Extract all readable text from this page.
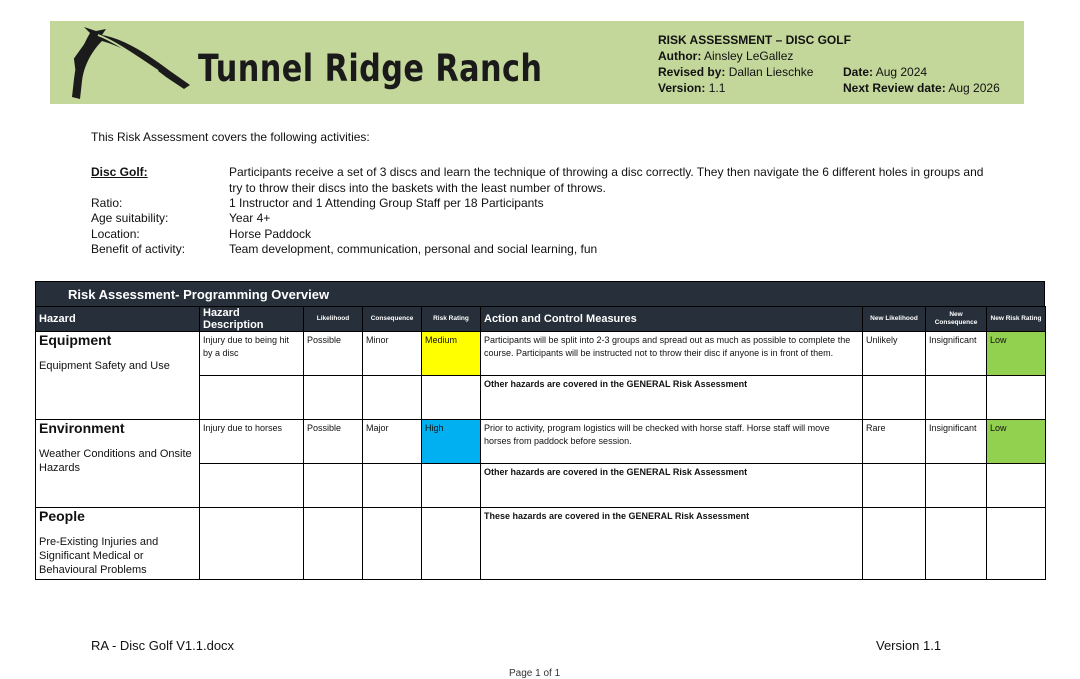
Tunnel Ridge Ranch
RISK ASSESSMENT – DISC GOLF
Author: Ainsley LeGallez
Revised by: Dallan Lieschke
Version: 1.1
Date: Aug 2024
Next Review date: Aug 2026
This Risk Assessment covers the following activities:
Disc Golf:	Participants receive a set of 3 discs and learn the technique of throwing a disc correctly. They then navigate the 6 different holes in groups and try to throw their discs into the baskets with the least number of throws.
Ratio:	1 Instructor and 1 Attending Group Staff per 18 Participants
Age suitability:	Year 4+
Location:	Horse Paddock
Benefit of activity:	Team development, communication, personal and social learning, fun
Risk Assessment- Programming Overview
Hazard	Hazard Description	Likelihood	Consequence	Risk Rating	Action and Control Measures	New Likelihood	New Consequence	New Risk Rating

Equipment
Equipment Safety and Use	Injury due to being hit by a disc	Possible	Minor	Medium	Participants will be split into 2-3 groups and spread out as much as possible to complete the course. Participants will be instructed not to throw their disc if anyone is in front of them.	Unlikely	Insignificant	Low
					Other hazards are covered in the GENERAL Risk Assessment			

Environment
Weather Conditions and Onsite Hazards	Injury due to horses	Possible	Major	High	Prior to activity, program logistics will be checked with horse staff. Horse staff will move horses from paddock before session.	Rare	Insignificant	Low
					Other hazards are covered in the GENERAL Risk Assessment			

People
Pre-Existing Injuries and Significant Medical or Behavioural Problems					These hazards are covered in the GENERAL Risk Assessment			
RA - Disc Golf V1.1.docx	Version 1.1
Page 1 of 1
